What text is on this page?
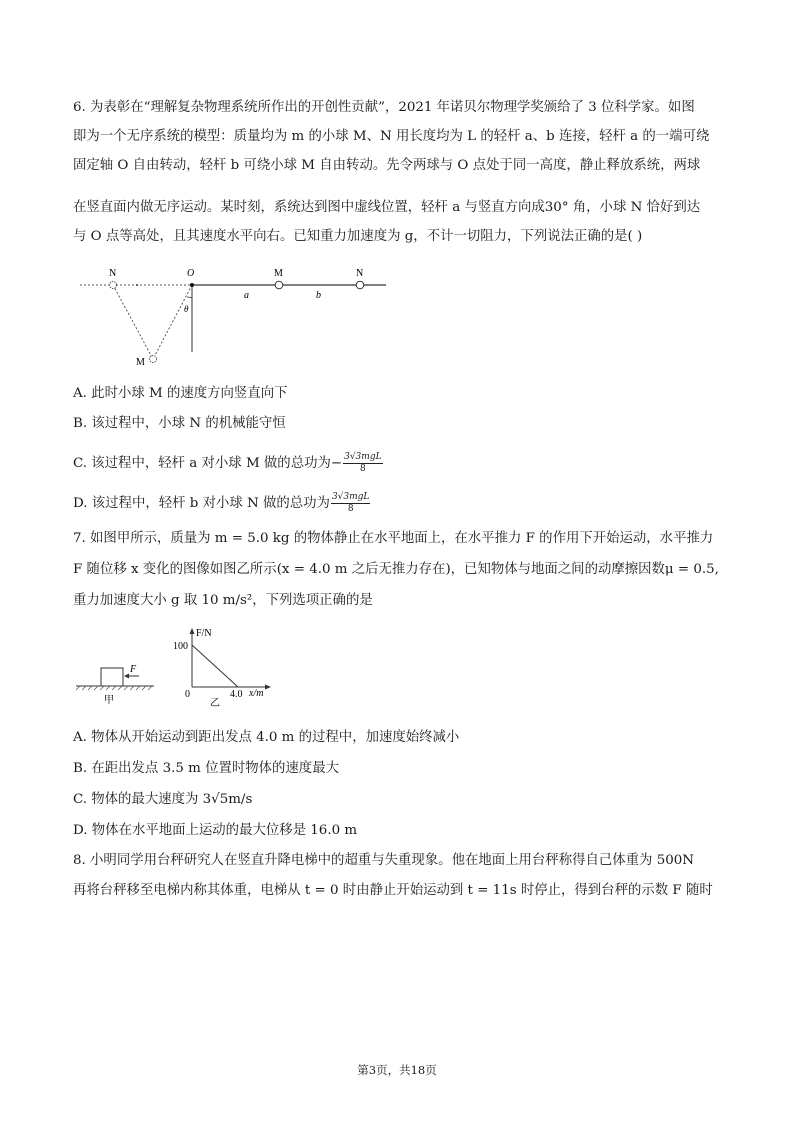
6. 为表彰在“理解复杂物理系统所作出的开创性贡献”，2021 年诺贝尔物理学奖颁给了 3 位科学家。如图
即为一个无序系统的模型：质量均为 m 的小球 M、N 用长度均为 L 的轻杆 a、b 连接，轻杆 a 的一端可绕
固定轴 O 自由转动，轻杆 b 可绕小球 M 自由转动。先令两球与 O 点处于同一高度，静止释放系统，两球
在竖直面内做无序运动。某时刻，系统达到图中虚线位置，轻杆 a 与竖直方向成30° 角，小球 N 恰好到达
与 O 点等高处，且其速度水平向右。已知重力加速度为 g，不计一切阻力，下列说法正确的是( )
N	O	M	N
a	b
θ
M
A. 此时小球 M 的速度方向竖直向下
B. 该过程中，小球 N 的机械能守恒
C. 该过程中，轻杆 a 对小球 M 做的总功为− $\frac{\text{3√3mgL}}{8}$
D. 该过程中，轻杆 b 对小球 N 做的总功为 $\frac{\text{3√3mgL}}{8}$
7. 如图甲所示，质量为 m = 5.0 kg 的物体静止在水平地面上，在水平推力 F 的作用下开始运动，水平推力
F 随位移 x 变化的图像如图乙所示(x = 4.0 m 之后无推力存在)，已知物体与地面之间的动摩擦因数μ = 0.5,
重力加速度大小 g 取 10 m/s²，下列选项正确的是
F
甲
F/N
100
0	4.0 x/m
乙
A. 物体从开始运动到距出发点 4.0 m 的过程中，加速度始终减小
B. 在距出发点 3.5 m 位置时物体的速度最大
C. 物体的最大速度为 3√5m/s
D. 物体在水平地面上运动的最大位移是 16.0 m
8. 小明同学用台秤研究人在竖直升降电梯中的超重与失重现象。他在地面上用台秤称得自己体重为 500N
再将台秤移至电梯内称其体重，电梯从 t = 0 时由静止开始运动到 t = 11s 时停止，得到台秤的示数 F 随时
第3页，共18页
